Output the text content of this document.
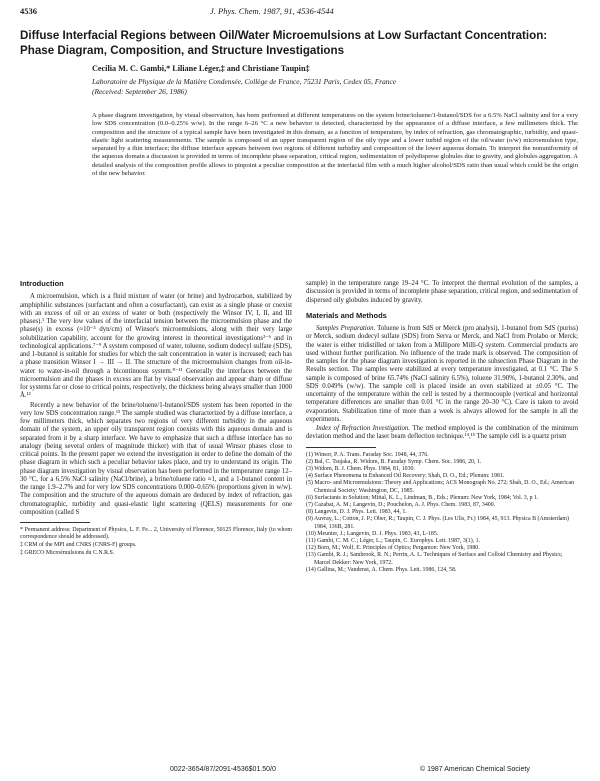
4536	J. Phys. Chem. 1987, 91, 4536-4544
Diffuse Interfacial Regions between Oil/Water Microemulsions at Low Surfactant Concentration: Phase Diagram, Composition, and Structure Investigations
Cecilia M. C. Gambi,* Liliane Léger,‡ and Christiane Taupin‡
Laboratoire de Physique de la Matière Condensée, Collège de France, 75231 Paris, Cedex 05, France
(Received: September 26, 1986)

A phase diagram investigation, by visual observation, has been performed at different temperatures on the system brine/toluene/1-butanol/SDS for a 6.5% NaCl salinity and for a very low SDS concentration (0.0–0.25% w/w). In the range 6–26 °C a new behavior is detected, characterized by the appearance of a diffuse interface, a few millimeters thick. The composition and the structure of a typical sample have been investigated in this domain, as a function of temperature, by index of refraction, gas chromatographic, turbidity, and quasi-elastic light scattering measurements. The sample is composed of an upper transparent region of the oily type and a lower turbid region of the oil/water (o/w) microemulsion type, separated by a thin interface; the diffuse interface appears between two regions of different turbidity and composition of the lower aqueous domain. To interpret the nonuniformity of the aqueous domain a discussion is provided in terms of incomplete phase separation, critical region, sedimentation of polydisperse globules due to gravity, and globules aggregation. A detailed analysis of the composition profile allows to pinpoint a peculiar composition at the interfacial film with a much higher alcohol/SDS ratio than usual which could be the origin of the new behavior.

Introduction

A microemulsion, which is a fluid mixture of water (or brine) and hydrocarbon, stabilized by amphiphilic substances (surfactant and often a cosurfactant), can exist as a single phase or coexist with an excess of oil or an excess of water or both (respectively the Winsor IV, I, II, and III phases).¹ The very low values of the interfacial tension between the microemulsion phase and the phase(s) in excess (≈10⁻³ dyn/cm) of Winsor's microemulsions, along with their very large solubilization capability, account for the growing interest in theoretical investigations²⁻⁶ and in technological applications.⁷⁻⁹ A system composed of water, toluene, sodium dodecyl sulfate (SDS), and 1-butanol is suitable for studies for which the salt concentration in water is increased; each has a phase transition Winsor I → III → II. The structure of the microemulsion changes from oil-in-water to water-in-oil through a bicontinuous system.⁸⁻¹¹ Generally the interfaces between the microemulsion and the phases in excess are flat by visual observation and appear sharp or diffuse for systems far or close to critical points, respectively, the thickness being always smaller than 1000 Å.¹²

Recently a new behavior of the brine/toluene/1-butanol/SDS system has been reported in the very low SDS concentration range.¹³ The sample studied was characterized by a diffuse interface, a few millimeters thick, which separates two regions of very different turbidity in the aqueous domain of the system, an upper oily transparent region coexists with this aqueous domain and is separated from it by a sharp interface. We have to emphasize that such a diffuse interface has no analogy (being several orders of magnitude thicker) with that of usual Winsor phases close to critical points. In the present paper we extend the investigation in order to define the domain of the phase diagram in which such a peculiar behavior takes place, and try to understand its origin. The phase diagram investigation by visual observation has been performed in the temperature range 12–30 °C, for a 6.5% NaCl salinity (NaCl/brine), a brine/toluene ratio ≈1, and a 1-butanol content in the range 1.9–2.7% and for very low SDS concentrations 0.000–0.65% (proportions given in w/w). The composition and the structure of the aqueous domain are deduced by index of refraction, gas chromatographic, turbidity and quasi-elastic light scattering (QELS) measurements for one composition (called S

* Permanent address: Department of Physics, L. F. Fe... 2, University of Florence, 50125 Florence, Italy (to whom correspondence should be addressed).

‡ CRM of the MPI and CNRS (CNRS-F) groups.

‡ GRECO Microémulsions du C.N.R.S.

sample) in the temperature range 19–24 °C. To interpret the thermal evolution of the samples, a discussion is provided in terms of incomplete phase separation, critical region, and sedimentation of dispersed oily globules induced by gravity.

Materials and Methods

Samples Preparation. Toluene is from SdS or Merck (pro analysi), 1-butanol from SdS (puriss) or Merck, sodium dodecyl sulfate (SDS) from Serva or Merck, and NaCl from Prolabo or Merck; the water is either tridistilled or taken from a Millipore Milli-Q system. Commercial products are used without further purification. No influence of the trade mark is observed. The composition of the samples for the phase diagram investigation is reported in the subsection Phase Diagram in the Results section. The samples were stabilized at every temperature investigated, at 0.1 °C. The S sample is composed of brine 65.74% (NaCl salinity 6.5%), toluene 31.90%, 1-butanol 2.30%, and SDS 0.049% (w/w). The sample cell is placed inside an oven stabilized at ±0.05 °C. The uncertainty of the temperature within the cell is tested by a thermocouple (vertical and horizontal temperature differences are smaller than 0.01 °C in the range 20–30 °C). Care is taken to avoid evaporation. Stabilization time of more than a week is always allowed for the sample in all the experiments.

Index of Refraction Investigation. The method employed is the combination of the minimum deviation method and the laser beam deflection technique.¹⁴,¹⁵ The sample cell is a quartz prism

(1) Winsor, P. A. Trans. Faraday Soc. 1948, 44, 376.
(2) Bal, C. Tsujaka, R. Widom, B. Faraday Symp. Chem. Soc. 1986, 20, 1.
(3) Widom, B. J. Chem. Phys. 1984, 81, 1030.
(4) Surface Phenomena in Enhanced Oil Recovery; Shah, D. O., Ed.; Plenum: 1981.
(5) Macro- and Microemulsions: Theory and Applications; ACS Monograph No. 272; Shah, D. O., Ed.; American Chemical Society: Washington, DC, 1985.
(6) Surfactants in Solution; Mittal, K. L., Lindman, B., Eds.; Plenum: New York, 1984; Vol. 3, p 1.
(7) Cazabat, A. M.; Langevin, D.; Pouchelon, A. J. Phys. Chem. 1983, 87, 3400.
(8) Langevin, D. J. Phys. Lett. 1983, 44, 1.
(9) Auvray, L.; Cotton, J. P.; Ober, R.; Taupin, C. J. Phys. (Les Ulis, Fr.) 1984, 45, 913. Physica B (Amsterdam) 1984, 136B, 281.
(10) Meunier, J.; Langevin, D. J. Phys. 1983, 43, L-185.
(11) Gambi, C. M. C.; Léger, L.; Taupin, C. Europhys. Lett. 1987, 3(1), 1.
(12) Born, M.; Wolf, E. Principles of Optics; Pergamon: New York, 1980.
(13) Gambi, R. J.; Sambrook, R. N.; Perrin, A. L. Techniques of Surface and Colloid Chemistry and Physics; Marcel Dekker: New York, 1972.
(14) Gallina, M.; Vandenst, A. Chem. Phys. Lett. 1986, 124, 58.
0022-3654/87/2091-4536$01.50/0	© 1987 American Chemical Society
